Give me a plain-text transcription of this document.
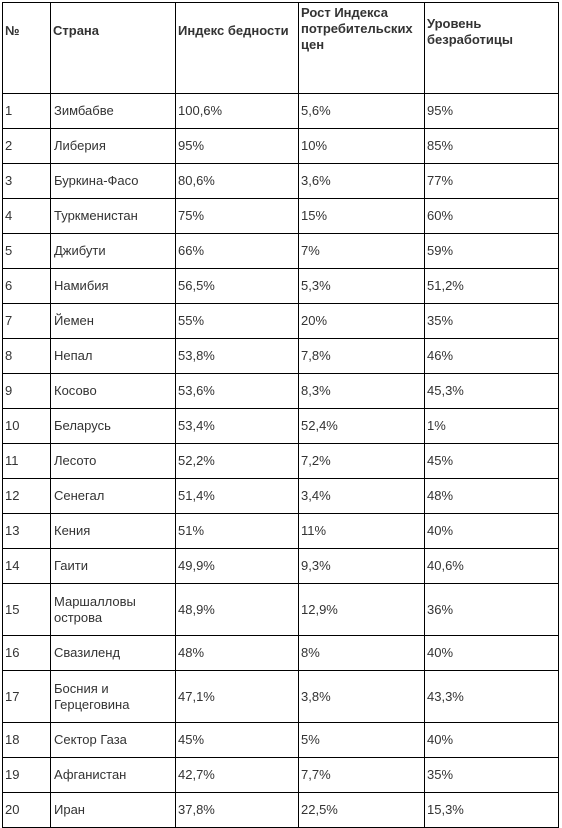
№	Страна	Индекс бедности	Рост Индекса потребительских цен	Уровень безработицы
1	Зимбабве	100,6%	5,6%	95%
2	Либерия	95%	10%	85%
3	Буркина-Фасо	80,6%	3,6%	77%
4	Туркменистан	75%	15%	60%
5	Джибути	66%	7%	59%
6	Намибия	56,5%	5,3%	51,2%
7	Йемен	55%	20%	35%
8	Непал	53,8%	7,8%	46%
9	Косово	53,6%	8,3%	45,3%
10	Беларусь	53,4%	52,4%	1%
11	Лесото	52,2%	7,2%	45%
12	Сенегал	51,4%	3,4%	48%
13	Кения	51%	11%	40%
14	Гаити	49,9%	9,3%	40,6%
15	Маршалловы острова	48,9%	12,9%	36%
16	Свазиленд	48%	8%	40%
17	Босния и Герцеговина	47,1%	3,8%	43,3%
18	Сектор Газа	45%	5%	40%
19	Афганистан	42,7%	7,7%	35%
20	Иран	37,8%	22,5%	15,3%
